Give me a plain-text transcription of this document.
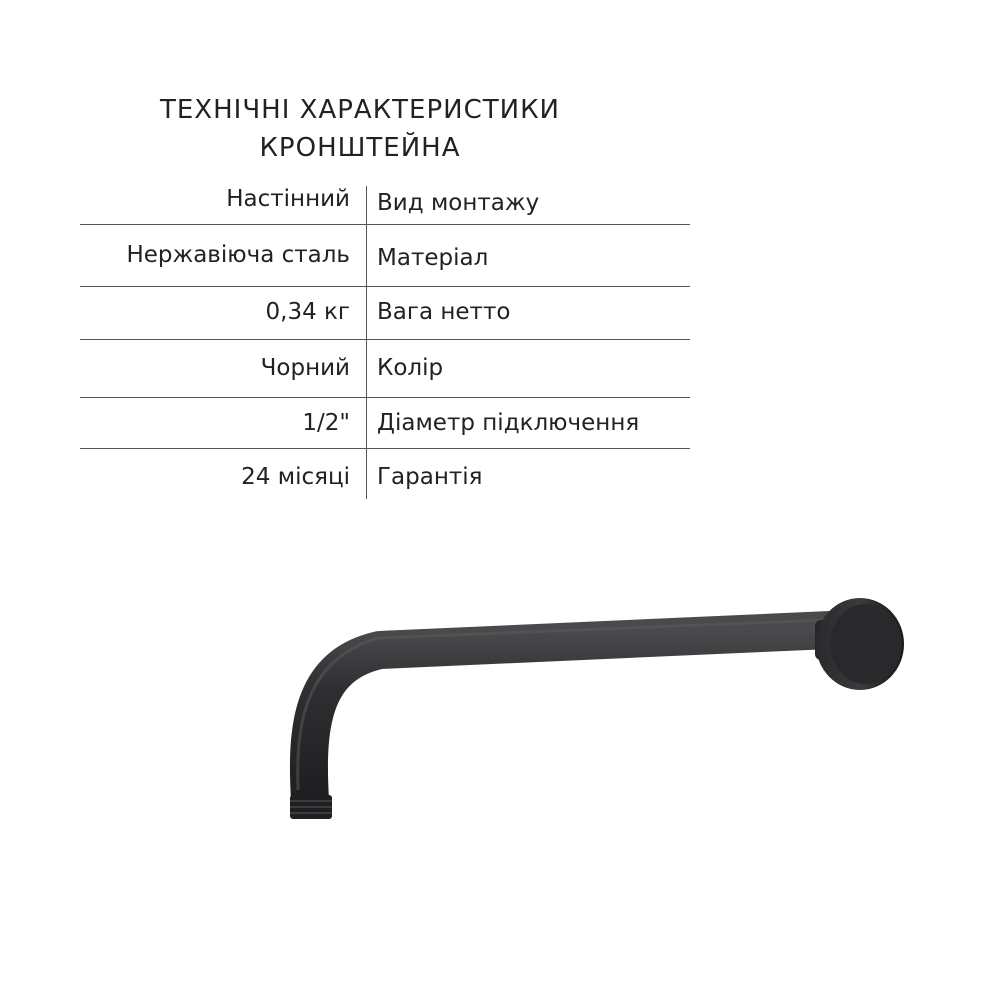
ТЕХНІЧНІ ХАРАКТЕРИСТИКИ
КРОНШТЕЙНА
Настінний Вид монтажу
Нержавіюча сталь Матеріал
0,34 кг Вага нетто
Чорний Колір
1/2" Діаметр підключення
24 місяці Гарантія
